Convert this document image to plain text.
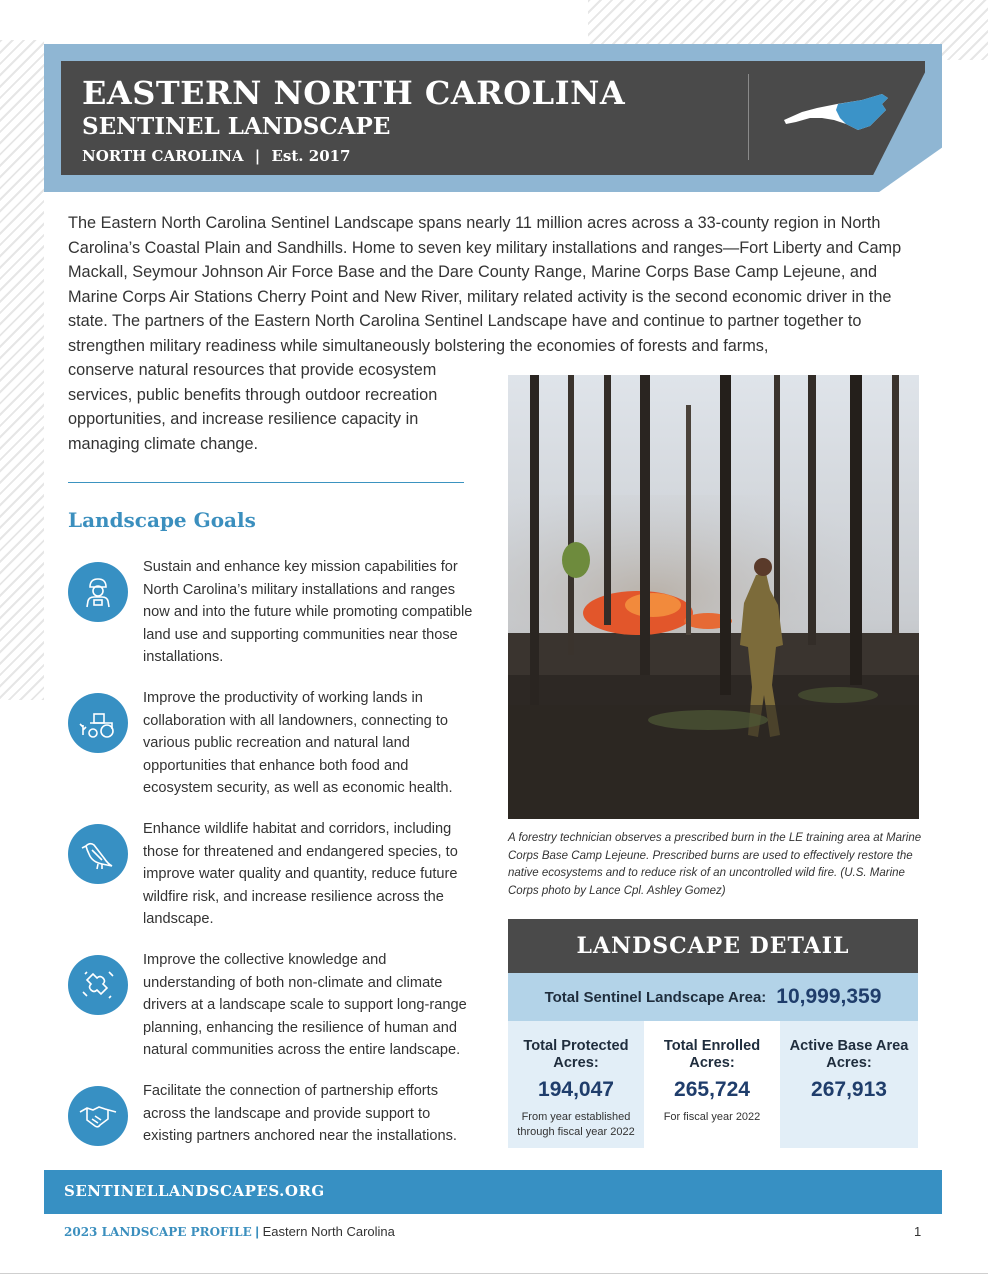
EASTERN NORTH CAROLINA
SENTINEL LANDSCAPE
NORTH CAROLINA | Est. 2017

The Eastern North Carolina Sentinel Landscape spans nearly 11 million acres across a 33-county region in North Carolina’s Coastal Plain and Sandhills. Home to seven key military installations and ranges—Fort Liberty and Camp Mackall, Seymour Johnson Air Force Base and the Dare County Range, Marine Corps Base Camp Lejeune, and Marine Corps Air Stations Cherry Point and New River, military related activity is the second economic driver in the state. The partners of the Eastern North Carolina Sentinel Landscape have and continue to partner together to strengthen military readiness while simultaneously bolstering the economies of forests and farms,

conserve natural resources that provide ecosystem services, public benefits through outdoor recreation opportunities, and increase resilience capacity in managing climate change.

Landscape Goals

Sustain and enhance key mission capabilities for North Carolina’s military installations and ranges now and into the future while promoting compatible land use and supporting communities near those installations.

Improve the productivity of working lands in collaboration with all landowners, connecting to various public recreation and natural land opportunities that enhance both food and ecosystem security, as well as economic health.

Enhance wildlife habitat and corridors, including those for threatened and endangered species, to improve water quality and quantity, reduce future wildfire risk, and increase resilience across the landscape.

Improve the collective knowledge and understanding of both non-climate and climate drivers at a landscape scale to support long-range planning, enhancing the resilience of human and natural communities across the entire landscape.

Facilitate the connection of partnership efforts across the landscape and provide support to existing partners anchored near the installations.

A forestry technician observes a prescribed burn in the LE training area at Marine Corps Base Camp Lejeune. Prescribed burns are used to effectively restore the native ecosystems and to reduce risk of an uncontrolled wild fire. (U.S. Marine Corps photo by Lance Cpl. Ashley Gomez)

LANDSCAPE DETAIL
Total Sentinel Landscape Area: 10,999,359
Total Protected Acres:
194,047
From year established through fiscal year 2022
Total Enrolled Acres:
265,724
For fiscal year 2022
Active Base Area Acres:
267,913
SENTINELLANDSCAPES.ORG
2023 LANDSCAPE PROFILE | Eastern North Carolina	1
